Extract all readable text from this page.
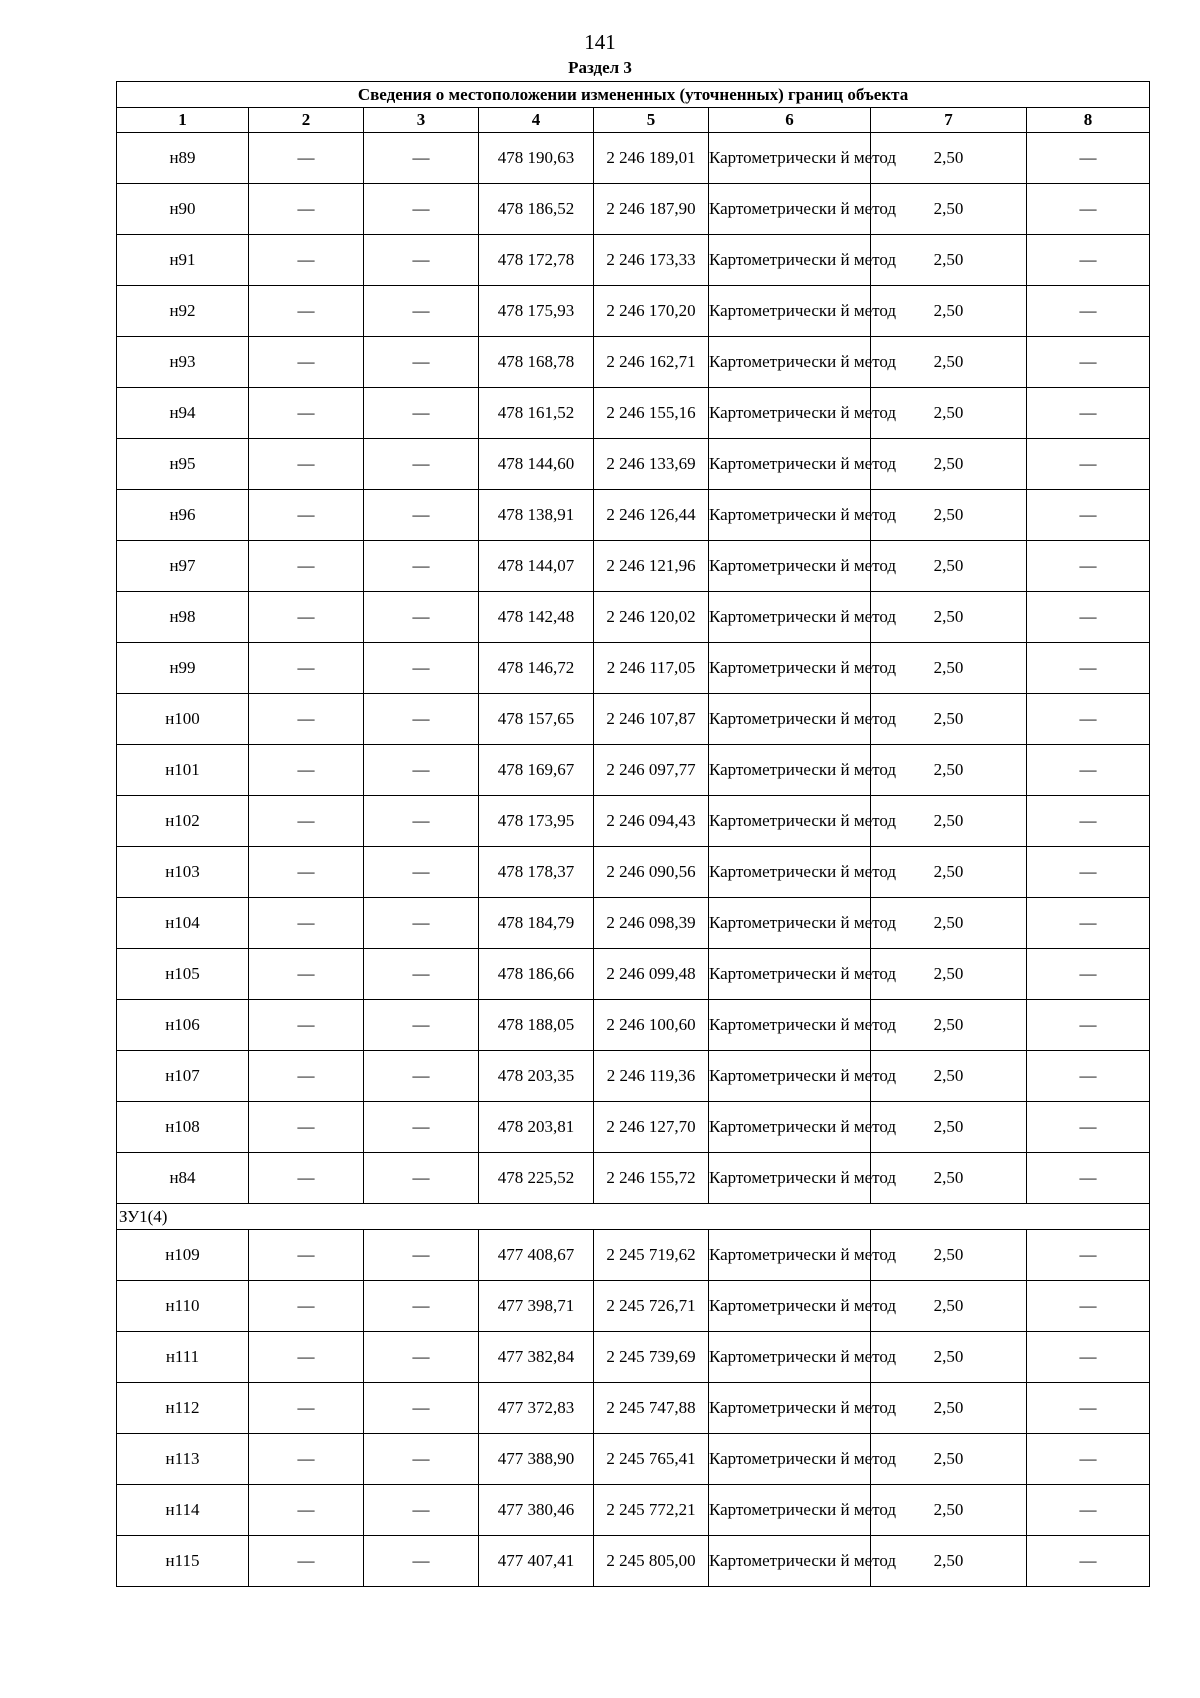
141
Раздел 3
Сведения о местоположении измененных (уточненных) границ объекта							
1	2	3	4	5	6	7	8
н89	—	—	478 190,63	2 246 189,01	Картометрически й метод	2,50	—
н90	—	—	478 186,52	2 246 187,90	Картометрически й метод	2,50	—
н91	—	—	478 172,78	2 246 173,33	Картометрически й метод	2,50	—
н92	—	—	478 175,93	2 246 170,20	Картометрически й метод	2,50	—
н93	—	—	478 168,78	2 246 162,71	Картометрически й метод	2,50	—
н94	—	—	478 161,52	2 246 155,16	Картометрически й метод	2,50	—
н95	—	—	478 144,60	2 246 133,69	Картометрически й метод	2,50	—
н96	—	—	478 138,91	2 246 126,44	Картометрически й метод	2,50	—
н97	—	—	478 144,07	2 246 121,96	Картометрически й метод	2,50	—
н98	—	—	478 142,48	2 246 120,02	Картометрически й метод	2,50	—
н99	—	—	478 146,72	2 246 117,05	Картометрически й метод	2,50	—
н100	—	—	478 157,65	2 246 107,87	Картометрически й метод	2,50	—
н101	—	—	478 169,67	2 246 097,77	Картометрически й метод	2,50	—
н102	—	—	478 173,95	2 246 094,43	Картометрически й метод	2,50	—
н103	—	—	478 178,37	2 246 090,56	Картометрически й метод	2,50	—
н104	—	—	478 184,79	2 246 098,39	Картометрически й метод	2,50	—
н105	—	—	478 186,66	2 246 099,48	Картометрически й метод	2,50	—
н106	—	—	478 188,05	2 246 100,60	Картометрически й метод	2,50	—
н107	—	—	478 203,35	2 246 119,36	Картометрически й метод	2,50	—
н108	—	—	478 203,81	2 246 127,70	Картометрически й метод	2,50	—
н84	—	—	478 225,52	2 246 155,72	Картометрически й метод	2,50	—
ЗУ1(4)							
н109	—	—	477 408,67	2 245 719,62	Картометрически й метод	2,50	—
н110	—	—	477 398,71	2 245 726,71	Картометрически й метод	2,50	—
н111	—	—	477 382,84	2 245 739,69	Картометрически й метод	2,50	—
н112	—	—	477 372,83	2 245 747,88	Картометрически й метод	2,50	—
н113	—	—	477 388,90	2 245 765,41	Картометрически й метод	2,50	—
н114	—	—	477 380,46	2 245 772,21	Картометрически й метод	2,50	—
н115	—	—	477 407,41	2 245 805,00	Картометрически й метод	2,50	—
